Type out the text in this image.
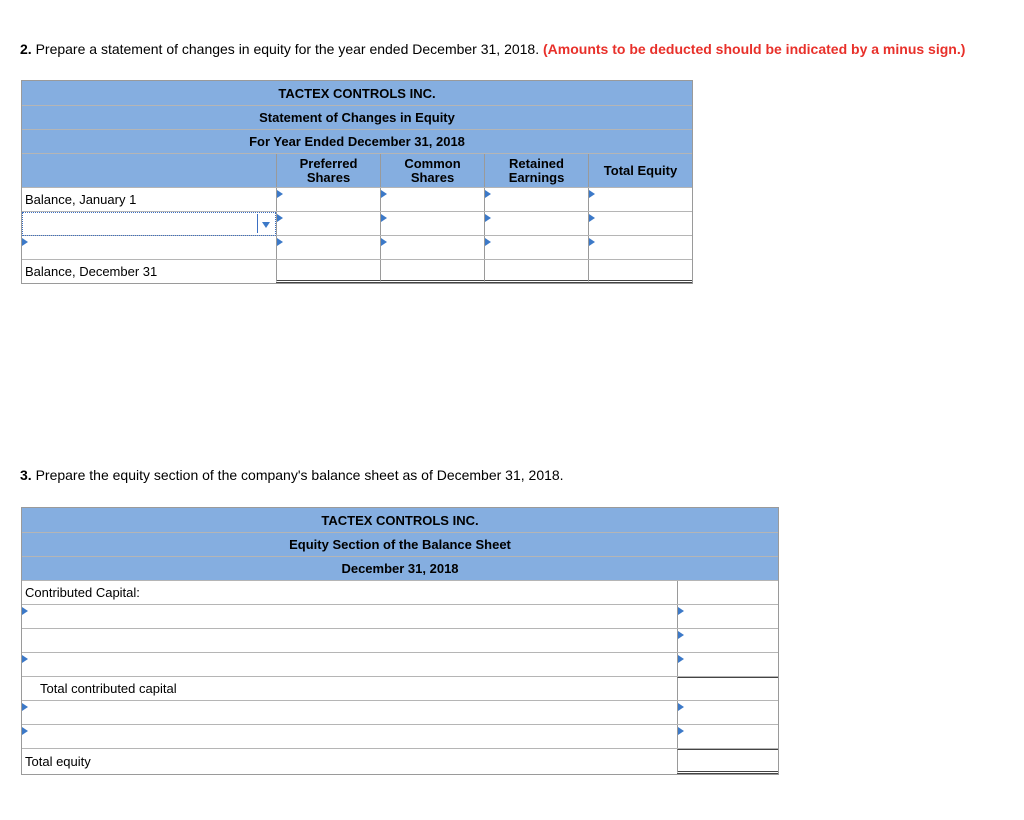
2. Prepare a statement of changes in equity for the year ended December 31, 2018. (Amounts to be deducted should be indicated by a minus sign.)
TACTEX CONTROLS INC.
Statement of Changes in Equity
For Year Ended December 31, 2018
Preferred
Shares
Common
Shares
Retained
Earnings	Total Equity
Balance, January 1
Balance, December 31
3. Prepare the equity section of the company's balance sheet as of December 31, 2018.
TACTEX CONTROLS INC.
Equity Section of the Balance Sheet
December 31, 2018
Contributed Capital:
Total contributed capital
Total equity
